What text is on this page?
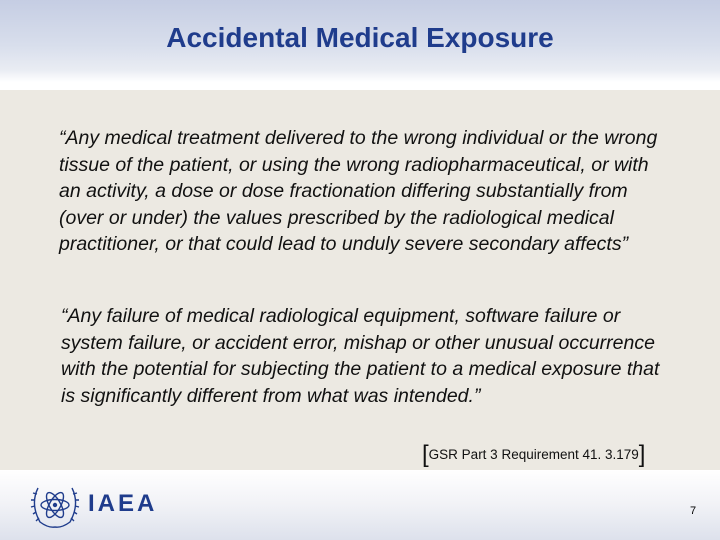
Accidental Medical Exposure

“Any medical treatment delivered to the wrong individual or the wrong tissue of the patient, or using the wrong radiopharmaceutical, or with an activity, a dose or dose fractionation differing substantially from (over or under) the values prescribed by the radiological medical practitioner, or that could lead to unduly severe secondary affects”

“Any failure of medical radiological equipment, software failure or system failure, or accident error, mishap or other unusual occurrence with the potential for subjecting the patient to a medical exposure that is significantly different from what was intended.”

[GSR Part 3 Requirement 41. 3.179]
IAEA	7
